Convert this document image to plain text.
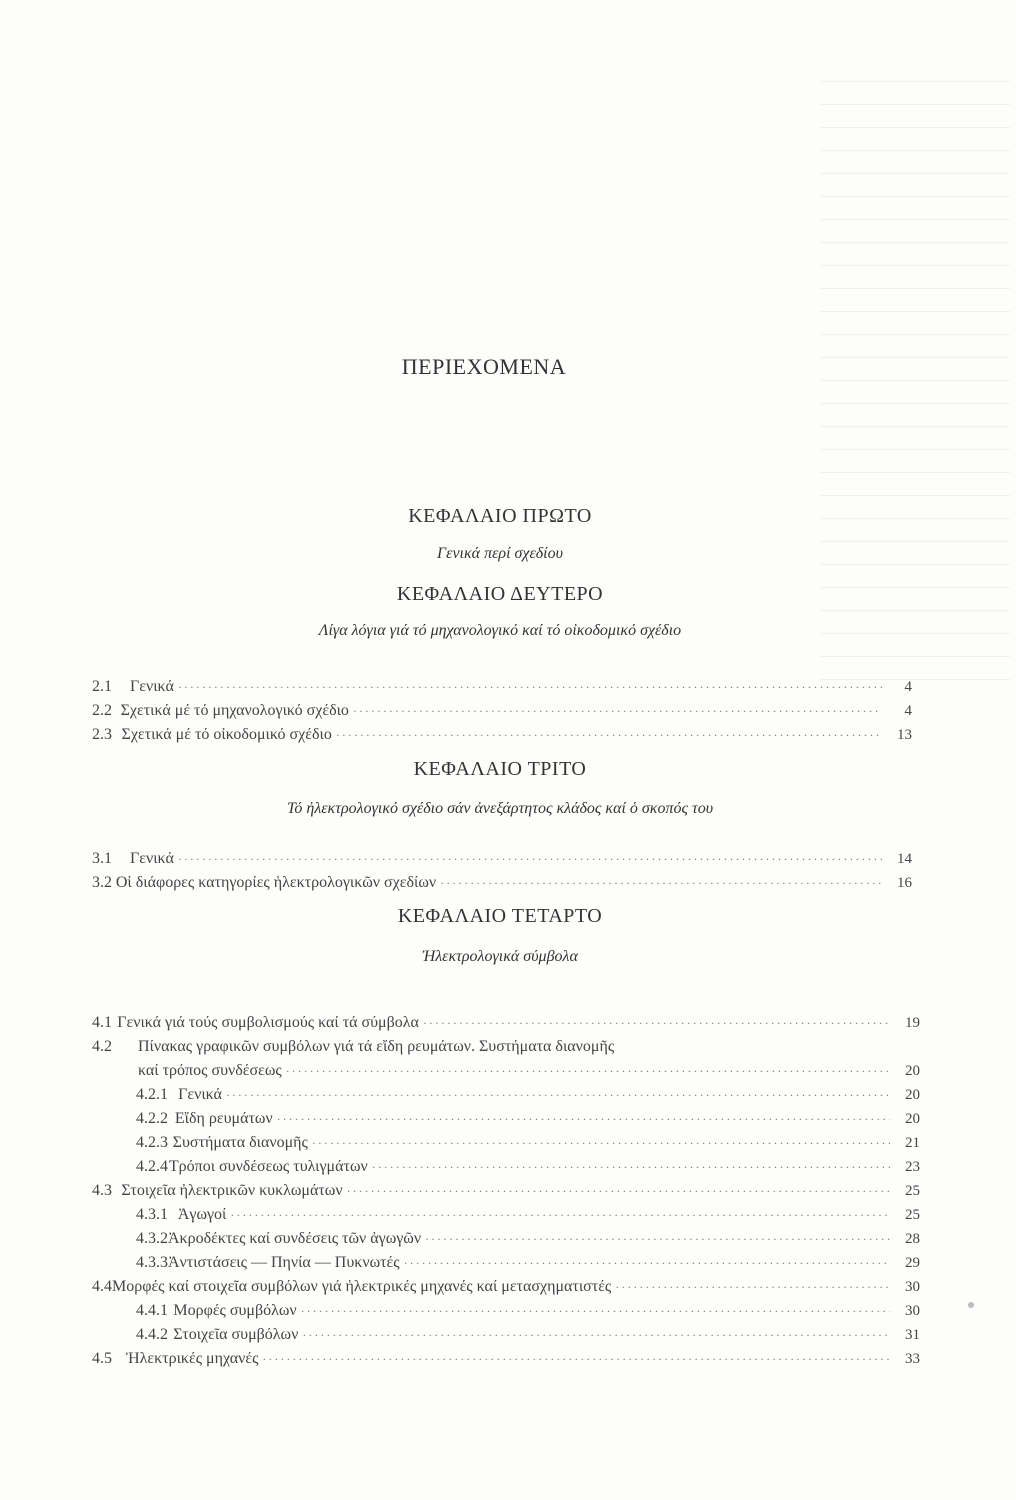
ΠΕΡΙΕΧΟΜΕΝΑ
ΚΕΦΑΛΑΙΟ ΠΡΩΤΟ
Γενικά περί σχεδίου
ΚΕΦΑΛΑΙΟ ΔΕΥΤΕΡΟ
Λίγα λόγια γιά τό μηχανολογικό καί τό οἰκοδομικό σχέδιο
2.1	Γενικά ·····	4
2.2 Σχετικά μέ τό μηχανολογικό σχέδιο ·····	4
2.3 Σχετικά μέ τό οἰκοδομικό σχέδιο ·····	13
ΚΕΦΑΛΑΙΟ ΤΡΙΤΟ
Τό ἠλεκτρολογικό σχέδιο σάν ἀνεξάρτητος κλάδος καί ὁ σκοπός του
3.1	Γενικά ·····	14
3.2 Οἱ διάφορες κατηγορίες ἠλεκτρολογικῶν σχεδίων ·····	16
ΚΕΦΑΛΑΙΟ ΤΕΤΑΡΤΟ
Ἠλεκτρολογικά σύμβολα
4.1 Γενικά γιά τούς συμβολισμούς καί τά σύμβολα ·····	19
4.2	Πίνακας γραφικῶν συμβόλων γιά τά εἴδη ρευμάτων. Συστήματα διανομῆς
καί τρόπος συνδέσεως ·····	20
4.2.1 Γενικά ·····	20
4.2.2 Εἴδη ρευμάτων ·····	20
4.2.3 Συστήματα διανομῆς ·····	21
4.2.4 Τρόποι συνδέσεως τυλιγμάτων ·····	23
4.3 Στοιχεῖα ἠλεκτρικῶν κυκλωμάτων ·····	25
4.3.1 Ἀγωγοί ·····	25
4.3.2 Ἀκροδέκτες καί συνδέσεις τῶν ἀγωγῶν ·····	28
4.3.3 Ἀντιστάσεις — Πηνία — Πυκνωτές ·····	29
4.4 Μορφές καί στοιχεῖα συμβόλων γιά ἠλεκτρικές μηχανές καί μετασχηματιστές ·····	30
4.4.1 Μορφές συμβόλων ·····	30
4.4.2 Στοιχεῖα συμβόλων ·····	31
4.5 Ἠλεκτρικές μηχανές ·····	33
